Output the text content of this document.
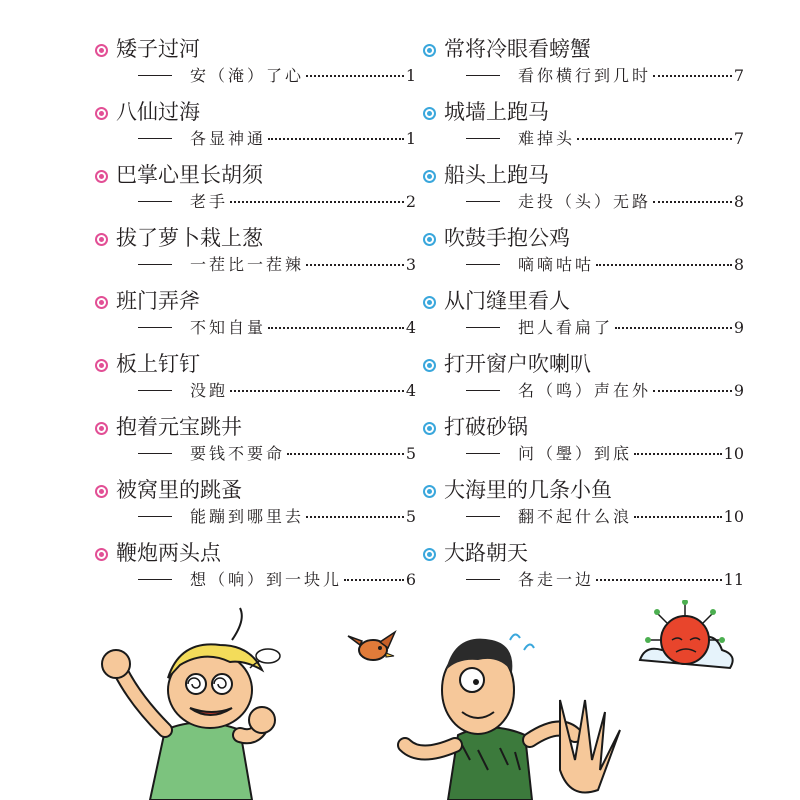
矮子过河
安（淹）了心	1
八仙过海
各显神通	1
巴掌心里长胡须
老手	2
拔了萝卜栽上葱
一茬比一茬辣	3
班门弄斧
不知自量	4
板上钉钉
没跑	4
抱着元宝跳井
要钱不要命	5
被窝里的跳蚤
能蹦到哪里去	5
鞭炮两头点
想（响）到一块儿	6
常将冷眼看螃蟹
看你横行到几时	7
城墙上跑马
难掉头	7
船头上跑马
走投（头）无路	8
吹鼓手抱公鸡
嘀嘀咕咕	8
从门缝里看人
把人看扁了	9
打开窗户吹喇叭
名（鸣）声在外	9
打破砂锅
问（璺）到底	10
大海里的几条小鱼
翻不起什么浪	10
大路朝天
各走一边	11
